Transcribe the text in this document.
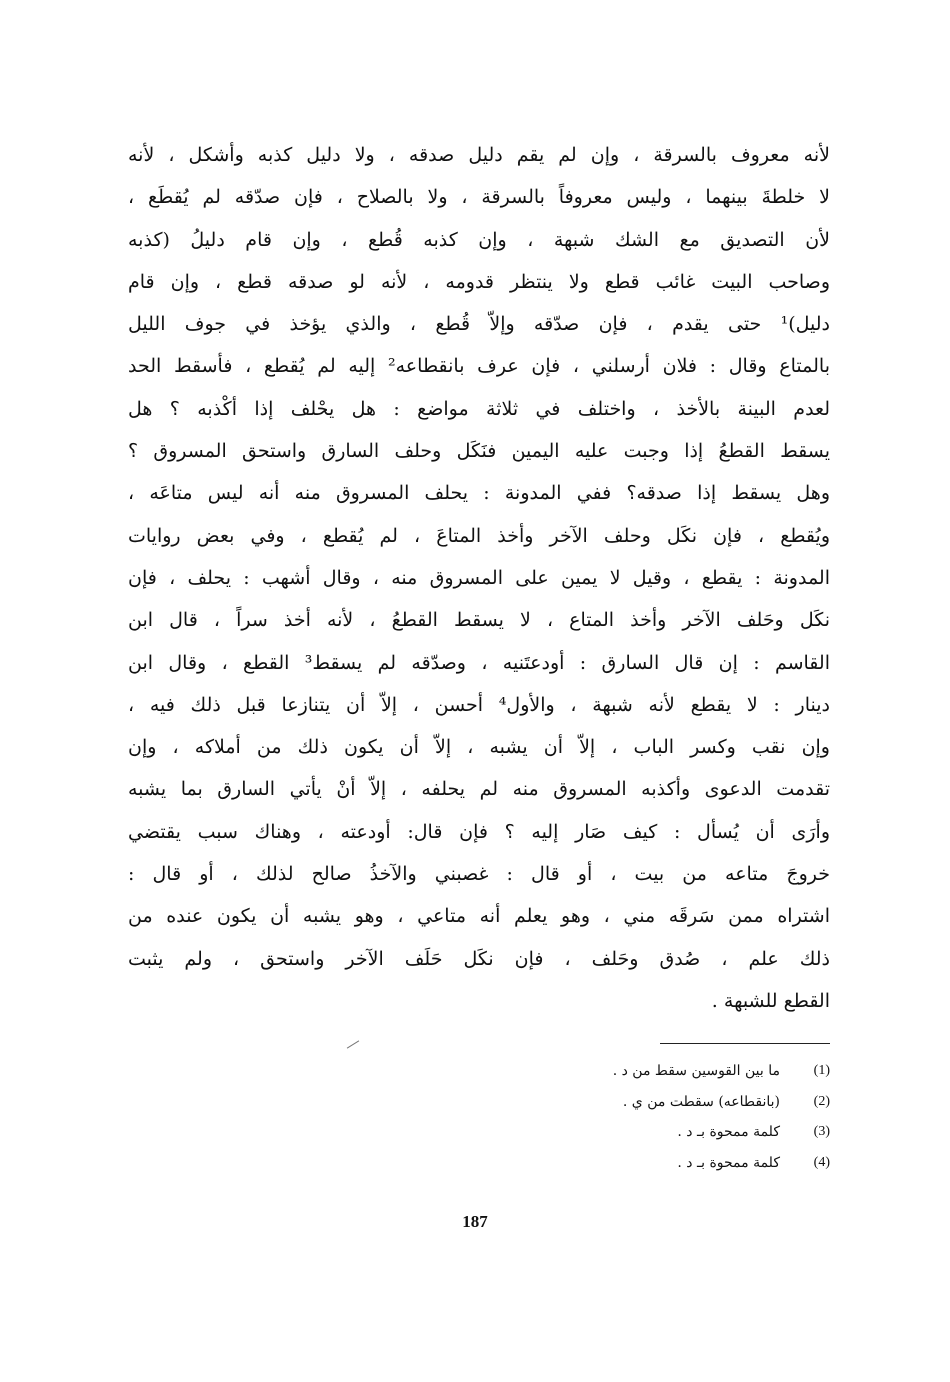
لأنه معروف بالسرقة ، وإن لم يقم دليل صدقه ، ولا دليل كذبه وأشكل ، لأنه
لا خلطةَ بينهما ، وليس معروفاً بالسرقة ، ولا بالصلاح ، فإن صدّقه لم يُقطَع ،
لأن التصديق مع الشك شبهة ، وإن كذبه قُطع ، وإن قام دليلُ (كذبه
وصاحب البيت غائب قطع ولا ينتظر قدومه ، لأنه لو صدقه قطع ، وإن قام
دليل)¹ حتى يقدم ، فإن صدّقه وإلاّ قُطع ، والذي يؤخذ في جوف الليل
بالمتاع وقال : فلان أرسلني ، فإن عرف بانقطاعه² إليه لم يُقطع ، فأسقط الحد
لعدم البينة بالأخذ ، واختلف في ثلاثة مواضع : هل يحْلف إذا أكْذبه ؟ هل
يسقط القطعُ إذا وجبت عليه اليمين فنَكَل وحلف السارق واستحق المسروق ؟
وهل يسقط إذا صدقه؟ ففي المدونة : يحلف المسروق منه أنه ليس متاعَه ،
ويُقطع ، فإن نكَل وحلف الآخر وأخذ المتاعَ ، لم يُقطع ، وفي بعض روايات
المدونة : يقطع ، وقيل لا يمين على المسروق منه ، وقال أشهب : يحلف ، فإن
نكَل وحَلف الآخر وأخذ المتاع ، لا يسقط القطعُ ، لأنه أخذ سراً ، قال ابن
القاسم : إن قال السارق : أودعتَنيه ، وصدّقه لم يسقط³ القطع ، وقال ابن
دينار : لا يقطع لأنه شبهة ، والأول⁴ أحسن ، إلاّ أن يتنازعا قبل ذلك فيه ،
وإن نقب وكسر الباب ، إلاّ أن يشبه ، إلاّ أن يكون ذلك من أملاكه ، وإن
تقدمت الدعوى وأكذبه المسروق منه لم يحلفه ، إلاّ أنْ يأتي السارق بما يشبه
وأرَى أن يُسأل : كيف صَار إليه ؟ فإن قال: أودعته ، وهناك سبب يقتضي
خروجَ متاعه من بيت ، أو قال : غصبني والآخذُ صالح لذلك ، أو قال :
اشتراه ممن سَرقَه مني ، وهو يعلم أنه متاعي ، وهو يشبه أن يكون عنده من
ذلك علم ، صُدق وحَلف ، فإن نكَل حَلَف الآخر واستحق ، ولم يثبت
القطع للشبهة .
(1)
ما بين القوسين سقط من د .
(2)
(بانقطاعه) سقطت من ي .
(3)
كلمة ممحوة بـ د .
(4)
كلمة ممحوة بـ د .
187
